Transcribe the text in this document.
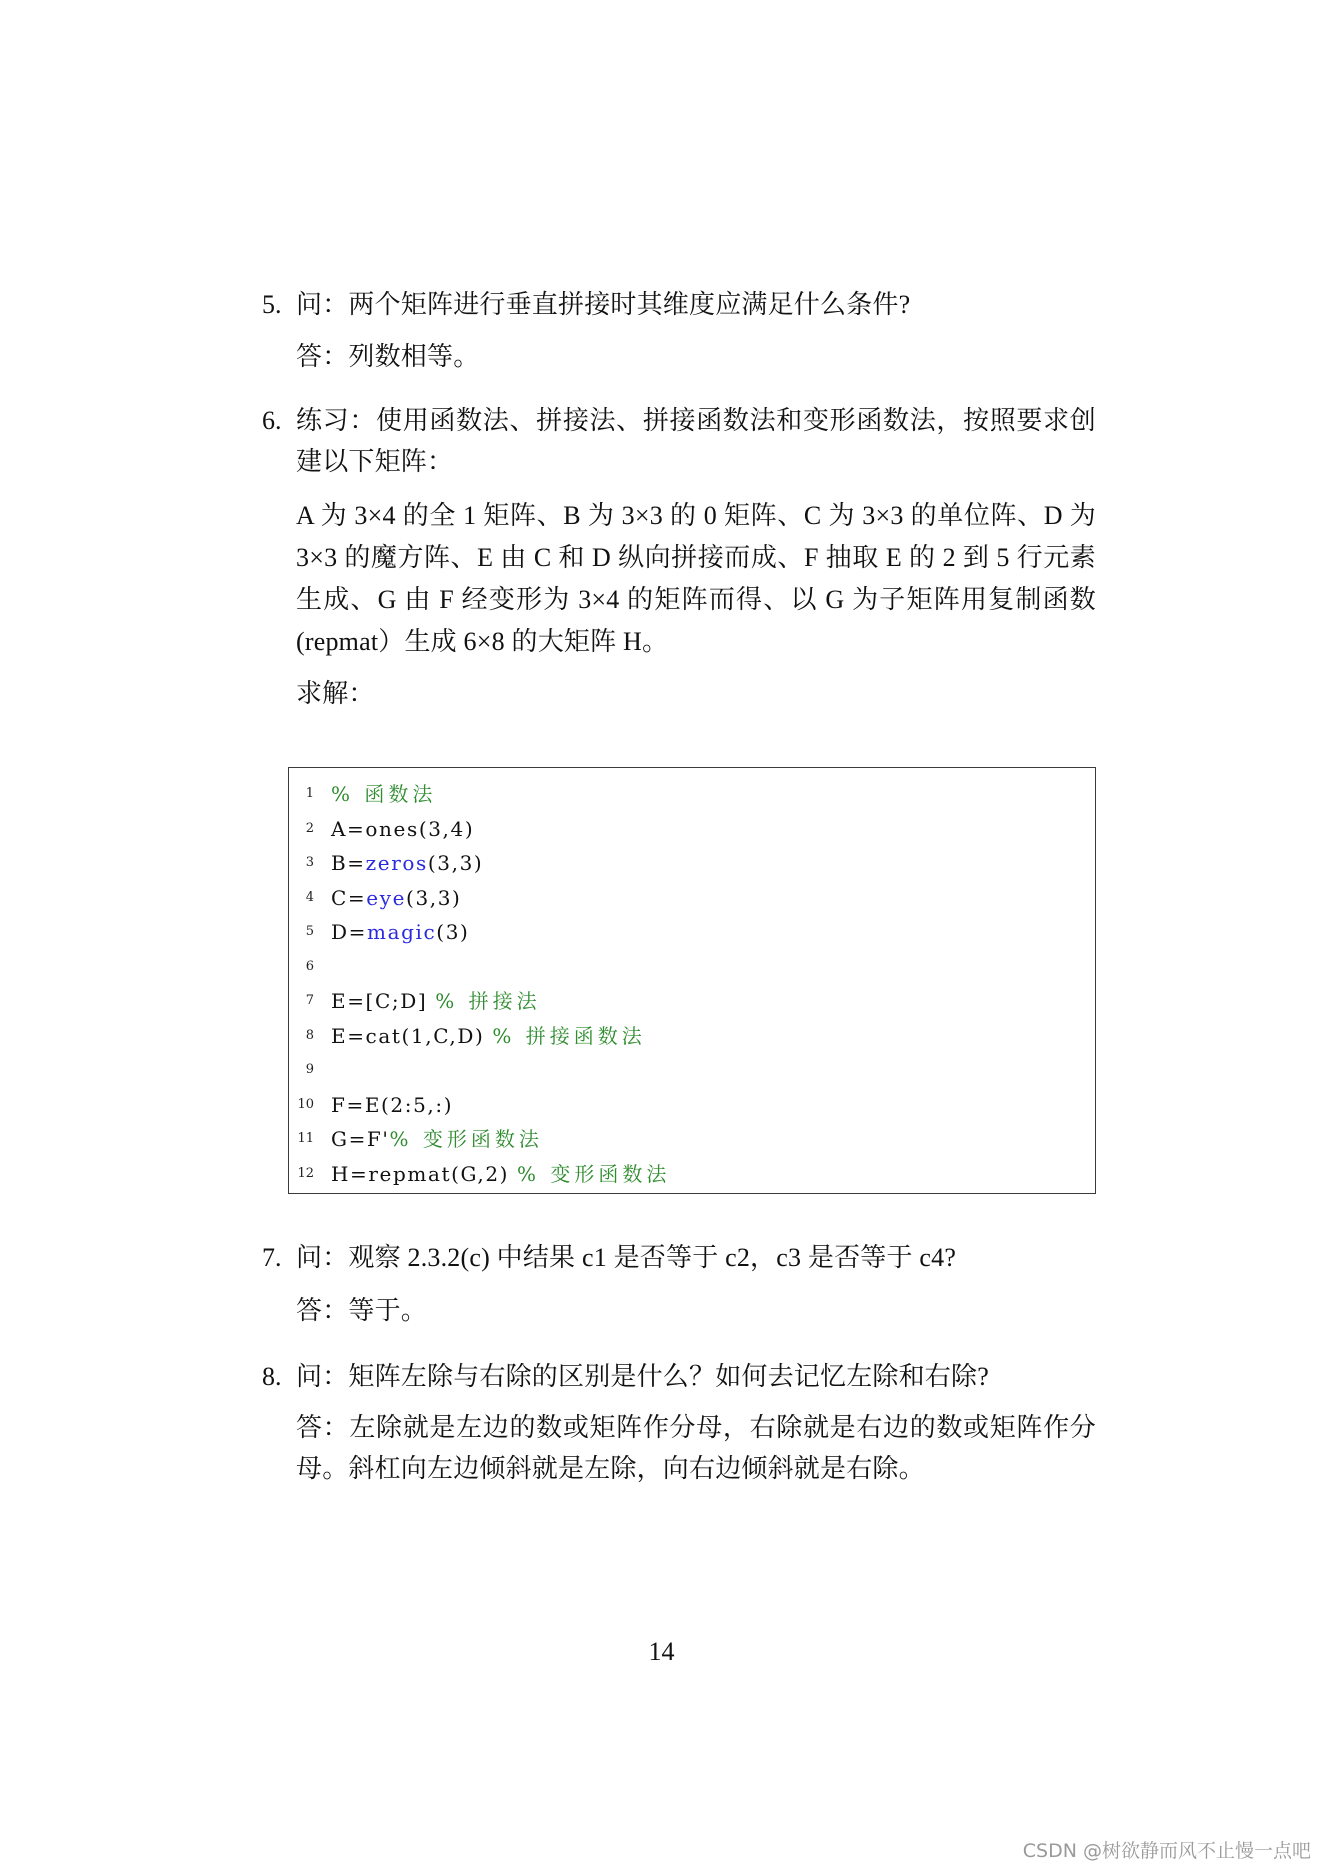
5. 问：两个矩阵进行垂直拼接时其维度应满足什么条件?
答：列数相等。
6. 练习：使用函数法、拼接法、拼接函数法和变形函数法，按照要求创
建以下矩阵：
A 为 3×4 的全 1 矩阵、B 为 3×3 的 0 矩阵、C 为 3×3 的单位阵、D 为
3×3 的魔方阵、E 由 C 和 D 纵向拼接而成、F 抽取 E 的 2 到 5 行元素
生成、G 由 F 经变形为 3×4 的矩阵而得、以 G 为子矩阵用复制函数
(repmat）生成 6×8 的大矩阵 H。
求解：
1 % 函数法
2 A=ones(3,4)
3 B=zeros(3,3)
4 C=eye(3,3)
5 D=magic(3)
6
7 E=[C;D] % 拼接法
8 E=cat(1,C,D) % 拼接函数法
9
10 F=E(2:5,:)
11 G=F'% 变形函数法
12 H=repmat(G,2) % 变形函数法
7. 问：观察 2.3.2(c) 中结果 c1 是否等于 c2，c3 是否等于 c4?
答：等于。
8. 问：矩阵左除与右除的区别是什么？如何去记忆左除和右除?
答：左除就是左边的数或矩阵作分母，右除就是右边的数或矩阵作分
母。斜杠向左边倾斜就是左除，向右边倾斜就是右除。
14
CSDN @树欲静而风不止慢一点吧
